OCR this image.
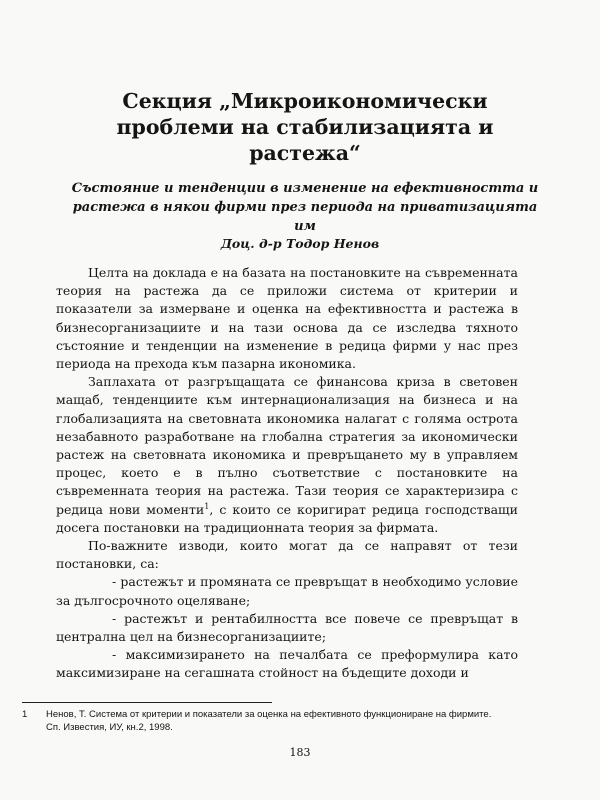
Секция „Микроикономически проблеми на стабилизацията и растежа“
Състояние и тенденции в изменение на ефективността и растежа в някои фирми през периода на приватизацията им
Доц. д-р Тодор Ненов

Целта на доклада е на базата на постановките на съвременната теория на растежа да се приложи система от критерии и показатели за измерване и оценка на ефективността и растежа в бизнесорганизациите и на тази основа да се изследва тяхното състояние и тенденции на изменение в редица фирми у нас през периода на прехода към пазарна икономика.

Заплахата от разгръщащата се финансова криза в световен мащаб, тенденциите към интернационализация на бизнеса и на глобализацията на световната икономика налагат с голяма острота незабавното разработване на глобална стратегия за икономически растеж на световната икономика и превръщането му в управляем процес, което е в пълно съответствие с постановките на съвременната теория на растежа. Тази теория се характеризира с редица нови моменти$^1$, с които се коригират редица господстващи досега постановки на традиционната теория за фирмата.

По-важните изводи, които могат да се направят от тези постановки, са:

- растежът и промяната се превръщат в необходимо условие за дългосрочното оцеляване;

- растежът и рентабилността все повече се превръщат в централна цел на бизнесорганизациите;

- максимизирането на печалбата се преформулира като максимизиране на сегашната стойност на бъдещите доходи и

1 Ненов, Т. Система от критерии и показатели за оценка на ефективното функциониране на фирмите.
Сп. Известия, ИУ, кн.2, 1998.
183
